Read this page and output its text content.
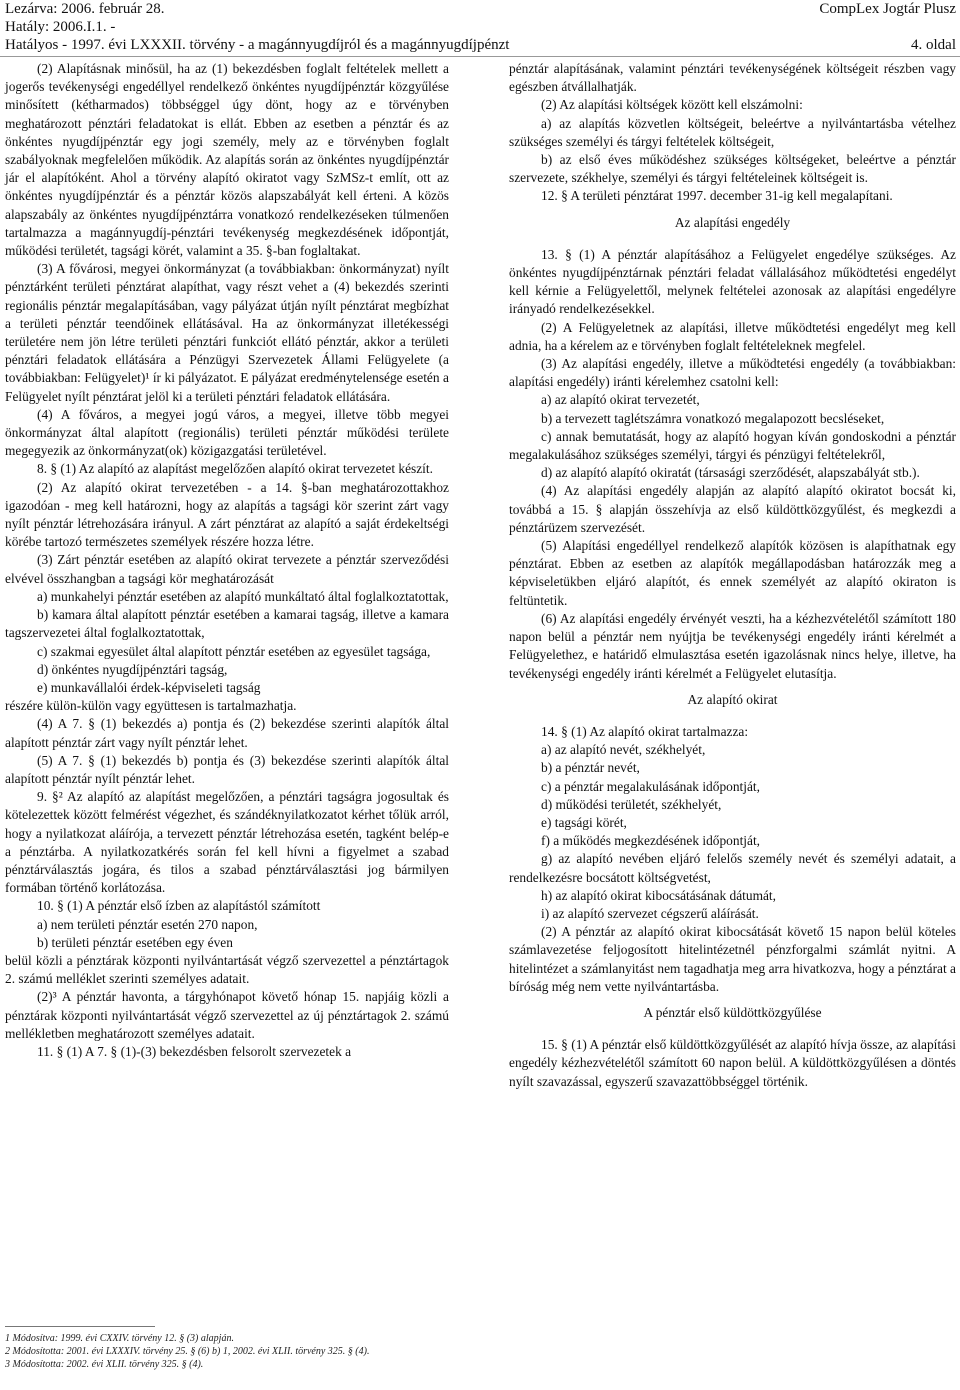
Lezárva: 2006. február 28.	CompLex Jogtár Plusz
Hatály: 2006.I.1. -
Hatályos - 1997. évi LXXXII. törvény - a magánnyugdíjról és a magánnyugdíjpénzt	4. oldal

(2) Alapításnak minősül, ha az (1) bekezdésben foglalt feltételek mellett a jogerős tevékenységi engedéllyel rendelkező önkéntes nyugdíjpénztár közgyűlése minősített (kétharmados) többséggel úgy dönt, hogy az e törvényben meghatározott pénztári feladatokat is ellát. Ebben az esetben a pénztár és az önkéntes nyugdíjpénztár egy jogi személy, mely az e törvényben foglalt szabályoknak megfelelően működik. Az alapítás során az önkéntes nyugdíjpénztár jár el alapítóként. Ahol a törvény alapító okiratot vagy SzMSz-t említ, ott az önkéntes nyugdíjpénztár és a pénztár közös alapszabályát kell érteni. A közös alapszabály az önkéntes nyugdíjpénztárra vonatkozó rendelkezéseken túlmenően tartalmazza a magánnyugdíj-pénztári tevékenység megkezdésének időpontját, működési területét, tagsági körét, valamint a 35. §-ban foglaltakat.

(3) A fővárosi, megyei önkormányzat (a továbbiakban: önkormányzat) nyílt pénztárként területi pénztárat alapíthat, vagy részt vehet a (4) bekezdés szerinti regionális pénztár megalapításában, vagy pályázat útján nyílt pénztárat megbízhat a területi pénztár teendőinek ellátásával. Ha az önkormányzat illetékességi területére nem jön létre területi pénztári funkciót ellátó pénztár, akkor a területi pénztári feladatok ellátására a Pénzügyi Szervezetek Állami Felügyelete (a továbbiakban: Felügyelet)¹ ír ki pályázatot. E pályázat eredménytelensége esetén a Felügyelet nyílt pénztárat jelöl ki a területi pénztári feladatok ellátására.

(4) A főváros, a megyei jogú város, a megyei, illetve több megyei önkormányzat által alapított (regionális) területi pénztár működési területe megegyezik az önkormányzat(ok) közigazgatási területével.

8. § (1) Az alapító az alapítást megelőzően alapító okirat tervezetet készít.

(2) Az alapító okirat tervezetében - a 14. §-ban meghatározottakhoz igazodóan - meg kell határozni, hogy az alapítás a tagsági kör szerint zárt vagy nyílt pénztár létrehozására irányul. A zárt pénztárat az alapító a saját érdekeltségi körébe tartozó természetes személyek részére hozza létre.

(3) Zárt pénztár esetében az alapító okirat tervezete a pénztár szerveződési elvével összhangban a tagsági kör meghatározását

a) munkahelyi pénztár esetében az alapító munkáltató által foglalkoztatottak,

b) kamara által alapított pénztár esetében a kamarai tagság, illetve a kamara tagszervezetei által foglalkoztatottak,

c) szakmai egyesület által alapított pénztár esetében az egyesület tagsága,

d) önkéntes nyugdíjpénztári tagság,

e) munkavállalói érdek-képviseleti tagság

részére külön-külön vagy együttesen is tartalmazhatja.

(4) A 7. § (1) bekezdés a) pontja és (2) bekezdése szerinti alapítók által alapított pénztár zárt vagy nyílt pénztár lehet.

(5) A 7. § (1) bekezdés b) pontja és (3) bekezdése szerinti alapítók által alapított pénztár nyílt pénztár lehet.

9. §² Az alapító az alapítást megelőzően, a pénztári tagságra jogosultak és kötelezettek között felmérést végezhet, és szándéknyilatkozatot kérhet tőlük arról, hogy a nyilatkozat aláírója, a tervezett pénztár létrehozása esetén, tagként belép-e a pénztárba. A nyilatkozatkérés során fel kell hívni a figyelmet a szabad pénztárválasztás jogára, és tilos a szabad pénztárválasztási jog bármilyen formában történő korlátozása.

10. § (1) A pénztár első ízben az alapítástól számított

a) nem területi pénztár esetén 270 napon,

b) területi pénztár esetében egy éven

belül közli a pénztárak központi nyilvántartását végző szervezettel a pénztártagok 2. számú melléklet szerinti személyes adatait.

(2)³ A pénztár havonta, a tárgyhónapot követő hónap 15. napjáig közli a pénztárak központi nyilvántartását végző szervezettel az új pénztártagok 2. számú mellékletben meghatározott személyes adatait.

11. § (1) A 7. § (1)-(3) bekezdésben felsorolt szervezetek a

pénztár alapításának, valamint pénztári tevékenységének költségeit részben vagy egészben átvállalhatják.

(2) Az alapítási költségek között kell elszámolni:

a) az alapítás közvetlen költségeit, beleértve a nyilvántartásba vételhez szükséges személyi és tárgyi feltételek költségeit,

b) az első éves működéshez szükséges költségeket, beleértve a pénztár szervezete, székhelye, személyi és tárgyi feltételeinek költségeit is.

12. § A területi pénztárat 1997. december 31-ig kell megalapítani.

Az alapítási engedély

13. § (1) A pénztár alapításához a Felügyelet engedélye szükséges. Az önkéntes nyugdíjpénztárnak pénztári feladat vállalásához működtetési engedélyt kell kérnie a Felügyelettől, melynek feltételei azonosak az alapítási engedélyre irányadó rendelkezésekkel.

(2) A Felügyeletnek az alapítási, illetve működtetési engedélyt meg kell adnia, ha a kérelem az e törvényben foglalt feltételeknek megfelel.

(3) Az alapítási engedély, illetve a működtetési engedély (a továbbiakban: alapítási engedély) iránti kérelemhez csatolni kell:

a) az alapító okirat tervezetét,

b) a tervezett taglétszámra vonatkozó megalapozott becsléseket,

c) annak bemutatását, hogy az alapító hogyan kíván gondoskodni a pénztár megalakulásához szükséges személyi, tárgyi és pénzügyi feltételekről,

d) az alapító alapító okiratát (társasági szerződését, alapszabályát stb.).

(4) Az alapítási engedély alapján az alapító alapító okiratot bocsát ki, továbbá a 15. § alapján összehívja az első küldöttközgyűlést, és megkezdi a pénztárüzem szervezését.

(5) Alapítási engedéllyel rendelkező alapítók közösen is alapíthatnak egy pénztárat. Ebben az esetben az alapítók megállapodásban határozzák meg a képviseletükben eljáró alapítót, és ennek személyét az alapító okiraton is feltüntetik.

(6) Az alapítási engedély érvényét veszti, ha a kézhezvételétől számított 180 napon belül a pénztár nem nyújtja be tevékenységi engedély iránti kérelmét a Felügyelethez, e határidő elmulasztása esetén igazolásnak nincs helye, illetve, ha tevékenységi engedély iránti kérelmét a Felügyelet elutasítja.

Az alapító okirat

14. § (1) Az alapító okirat tartalmazza:

a) az alapító nevét, székhelyét,

b) a pénztár nevét,

c) a pénztár megalakulásának időpontját,

d) működési területét, székhelyét,

e) tagsági körét,

f) a működés megkezdésének időpontját,

g) az alapító nevében eljáró felelős személy nevét és személyi adatait, a rendelkezésre bocsátott költségvetést,

h) az alapító okirat kibocsátásának dátumát,

i) az alapító szervezet cégszerű aláírását.

(2) A pénztár az alapító okirat kibocsátását követő 15 napon belül köteles számlavezetése feljogosított hitelintézetnél pénzforgalmi számlát nyitni. A hitelintézet a számlanyitást nem tagadhatja meg arra hivatkozva, hogy a pénztárat a bíróság még nem vette nyilvántartásba.

A pénztár első küldöttközgyűlése

15. § (1) A pénztár első küldöttközgyűlését az alapító hívja össze, az alapítási engedély kézhezvételétől számított 60 napon belül. A küldöttközgyűlésen a döntés nyílt szavazással, egyszerű szavazattöbbséggel történik.

1 Módosítva: 1999. évi CXXIV. törvény 12. § (3) alapján.
2 Módosította: 2001. évi LXXXIV. törvény 25. § (6) b) 1, 2002. évi XLII. törvény 325. § (4).
3 Módosította: 2002. évi XLII. törvény 325. § (4).
